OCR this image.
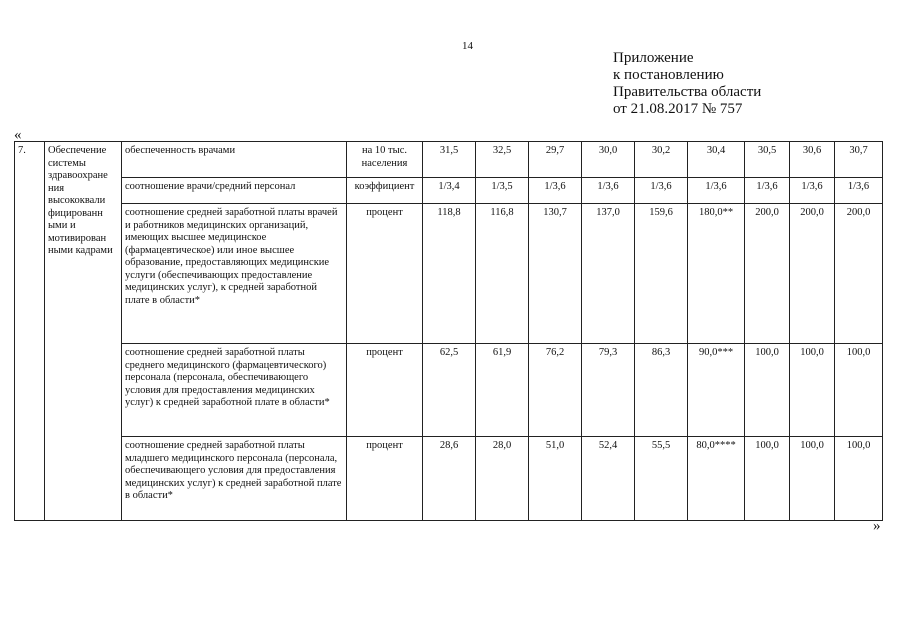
14
Приложение
к постановлению
Правительства области
от 21.08.2017 № 757
«
7.	Обеспечение системы здравоохране ния высококвали фицированн ыми и мотивирован ными кадрами	обеспеченность врачами	на 10 тыс. населения	31,5	32,5	29,7	30,0	30,2	30,4	30,5	30,6	30,7
		соотношение врачи/средний персонал	коэффициент	1/3,4	1/3,5	1/3,6	1/3,6	1/3,6	1/3,6	1/3,6	1/3,6	1/3,6
		соотношение средней заработной платы врачей и работников медицинских организаций, имеющих высшее медицинское (фармацевтическое) или иное высшее образование, предоставляющих медицинские услуги (обеспечивающих предоставление медицинских услуг), к средней заработной плате в области*	процент	118,8	116,8	130,7	137,0	159,6	180,0**	200,0	200,0	200,0
		соотношение средней заработной платы среднего медицинского (фармацевтического) персонала (персонала, обеспечивающего условия для предоставления медицинских услуг) к средней заработной плате в области*	процент	62,5	61,9	76,2	79,3	86,3	90,0***	100,0	100,0	100,0
		соотношение средней заработной платы младшего медицинского персонала (персонала, обеспечивающего условия для предоставления медицинских услуг) к средней заработной плате в области*	процент	28,6	28,0	51,0	52,4	55,5	80,0****	100,0	100,0	100,0
»
